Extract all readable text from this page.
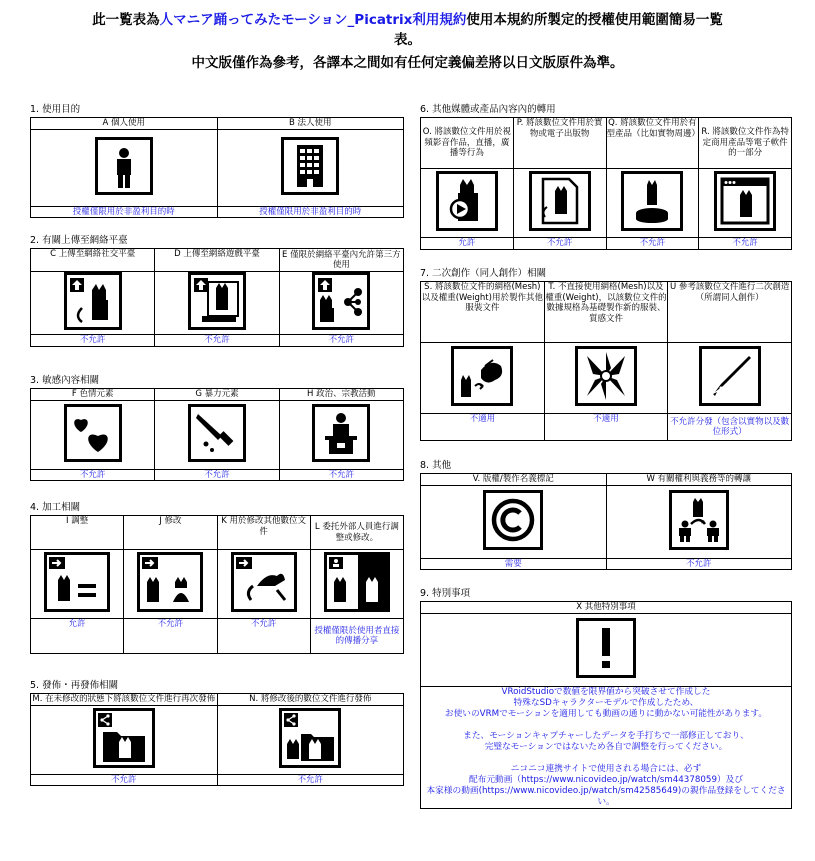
此一覧表為人マニア踊ってみたモーション_Picatrix利用規約使用本規約所製定的授權使用範圍簡易一覧
表。
中文版僅作為參考，各譯本之間如有任何定義偏差將以日文版原件為準。
1. 使用目的
A 個人使用	B 法人使用

授權僅限用於非盈利目的時	授權僅限用於非盈利目的時
2. 有關上傳至網絡平臺
C 上傳至網絡社交平臺	D 上傳至網絡遊戲平臺	E 僅限於網絡平臺內允許第三方使用

不允許	不允許	不允許
3. 敏感內容相關
F 色情元素	G 暴力元素	H 政治、宗教活動

不允許	不允許	不允許
4. 加工相關
I 調整	J 修改	K 用於修改其他數位文件	L 委托外部人員進行調整或修改。

允許	不允許	不允許	授權僅限於使用者直接的傳播分享
5. 發佈・再發佈相關
M. 在未修改的狀態下將該數位文件進行再次發佈	N. 將修改後的數位文件進行發佈

不允許	不允許
6. 其他媒體或產品內容內的轉用
O. 將該數位文件用於視頻影音作品，直播，廣播等行為	P. 將該數位文件用於實物或電子出版物	Q. 將該數位文件用於有型產品（比如實物周邊）	R. 將該數位文件作為特定商用產品等電子軟件的一部分

允許	不允許	不允許	不允許
7. 二次創作（同人創作）相關
S. 將該數位文件的網格(Mesh)以及權重(Weight)用於製作其他服裝文件	T. 不直接使用網格(Mesh)以及權重(Weight)，以該數位文件的數據規格為基礎製作新的服裝、質感文件	U 參考該數位文件進行二次創造（所謂同人創作）

不適用	不適用	不允許分發（包含以實物以及數位形式）
8. 其他
V. 版權/製作名義標記	W 有關權利與義務等的轉讓

需要	不允許
9. 特別事項
X 其他特別事項

VRoidStudioで数値を限界値から突破させて作成した
特殊なSDキャラクターモデルで作成したため、
お使いのVRMでモーションを適用しても動画の通りに動かない可能性があります。
また、モーションキャプチャーしたデータを手打ちで一部修正しており、
完璧なモーションではないため各自で調整を行ってください。
ニコニコ連携サイトで使用される場合には、必ず
配布元動画（https://www.nicovideo.jp/watch/sm44378059）及び
本家様の動画(https://www.nicovideo.jp/watch/sm42585649)の親作品登録をしてください。
